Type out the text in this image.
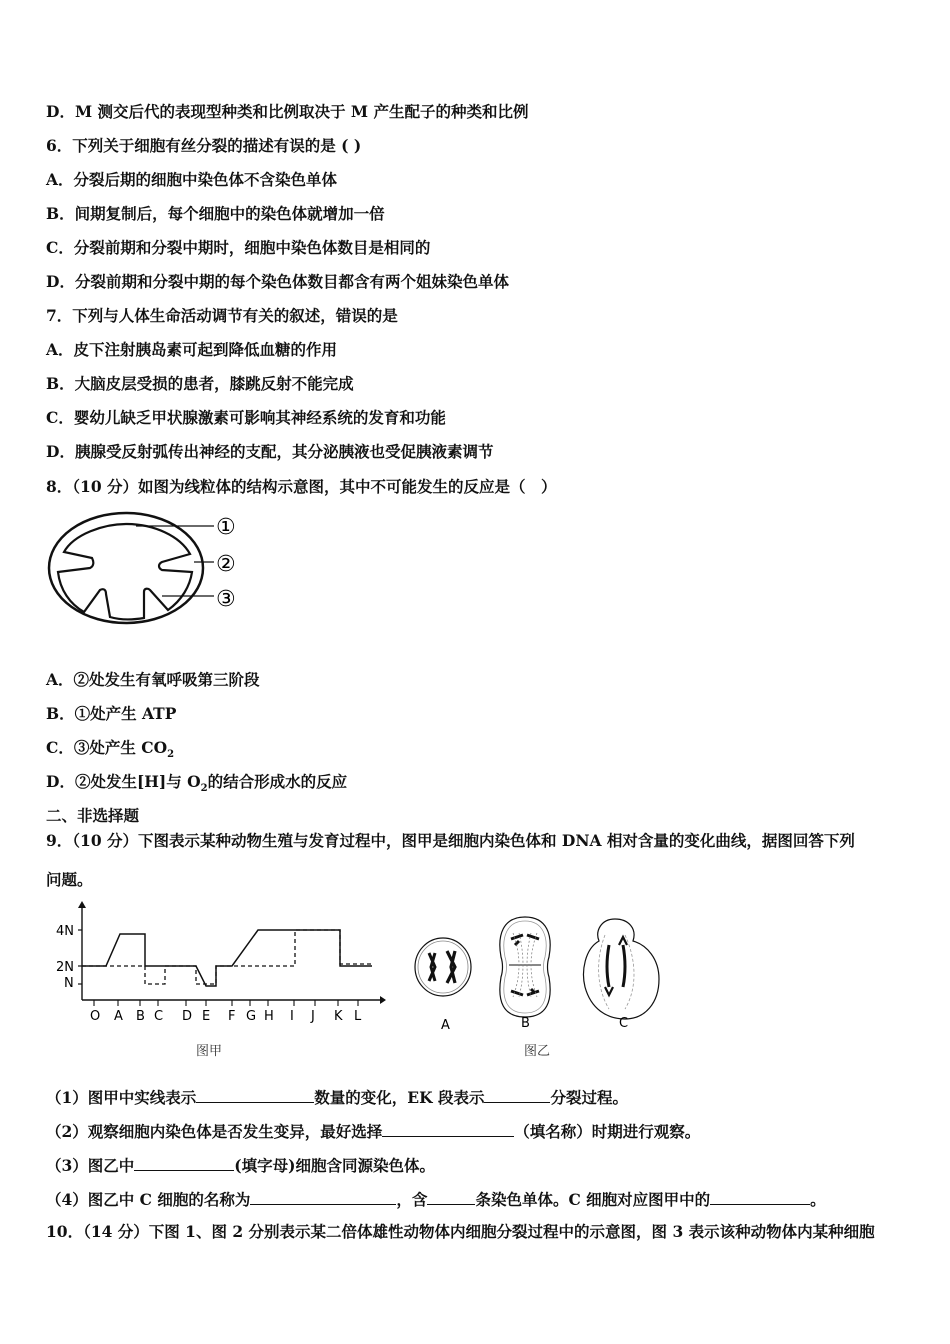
D．M 测交后代的表现型种类和比例取决于 M 产生配子的种类和比例
6．下列关于细胞有丝分裂的描述有误的是 ( )
A．分裂后期的细胞中染色体不含染色单体
B．间期复制后，每个细胞中的染色体就增加一倍
C．分裂前期和分裂中期时，细胞中染色体数目是相同的
D．分裂前期和分裂中期的每个染色体数目都含有两个姐妹染色单体
7．下列与人体生命活动调节有关的叙述，错误的是
A．皮下注射胰岛素可起到降低血糖的作用
B．大脑皮层受损的患者，膝跳反射不能完成
C．婴幼儿缺乏甲状腺激素可影响其神经系统的发育和功能
D．胰腺受反射弧传出神经的支配，其分泌胰液也受促胰液素调节
8．（10 分）如图为线粒体的结构示意图，其中不可能发生的反应是（　）
①
②
③
A．②处发生有氧呼吸第三阶段
B．①处产生 ATP
C．③处产生 $CO_2$
D．②处发生[H]与 $O_2$的结合形成水的反应
二、非选择题
9．（10 分）下图表示某种动物生殖与发育过程中，图甲是细胞内染色体和 DNA 相对含量的变化曲线，据图回答下列
问题。
4N
2N
N
O A B C D E F G H I J K L
图甲
A	B	C
图乙
（1）图甲中实线表示	数量的变化，EK 段表示	分裂过程。
（2）观察细胞内染色体是否发生变异，最好选择	（填名称）时期进行观察。
（3）图乙中	(填字母)细胞含同源染色体。
（4）图乙中 C 细胞的名称为	，含	条染色单体。C 细胞对应图甲中的	。
10．（14 分）下图 1、图 2 分别表示某二倍体雄性动物体内细胞分裂过程中的示意图，图 3 表示该种动物体内某种细胞
